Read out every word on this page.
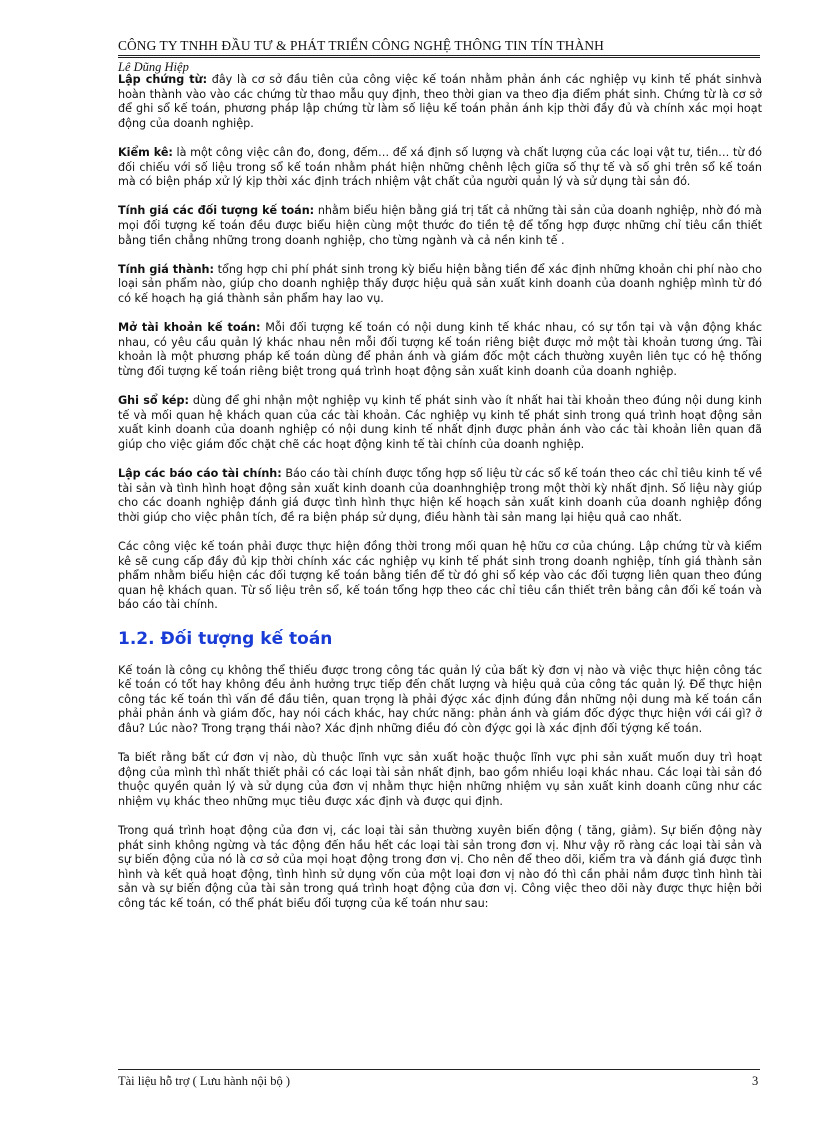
CÔNG TY TNHH ĐẦU TƯ & PHÁT TRIỂN CÔNG NGHỆ THÔNG TIN TÍN THÀNH
Lê Dũng Hiệp

Lập chứng từ: đây là cơ sở đầu tiên của công việc kế toán nhằm phản ánh các nghiệp vụ kinh tế phát sinhvà hoàn thành vào vào các chứng từ thao mẫu quy định, theo thời gian va theo địa điểm phát sinh. Chứng từ là cơ sở để ghi sổ kế toán, phương pháp lập chứng từ làm số liệu kế toán phản ánh kịp thời đầy đủ và chính xác mọi hoạt động của doanh nghiệp.

Kiểm kê: là một công việc cân đo, đong, đếm… để xá định số lượng và chất lượng của các loại vật tư, tiền… từ đó đối chiếu với số liệu trong sổ kế toán nhằm phát hiện những chênh lệch giữa số thự tế và số ghi trên sổ kế toán mà có biện pháp xử lý kịp thời xác định trách nhiệm vật chất của người quản lý và sử dụng tài sản đó.

Tính giá các đối tượng kế toán: nhằm biểu hiện bằng giá trị tất cả những tài sản của doanh nghiệp, nhờ đó mà mọi đối tượng kế toán đều được biểu hiện cùng một thước đo tiền tệ để tổng hợp được những chỉ tiêu cần thiết bằng tiền chẳng những trong doanh nghiệp, cho từng ngành và cả nền kinh tế .

Tính giá thành: tổng hợp chi phí phát sinh trong kỳ biểu hiện bằng tiền để xác định những khoản chi phí nào cho loại sản phẩm nào, giúp cho doanh nghiệp thấy được hiệu quả sản xuất kinh doanh của doanh nghiệp mình từ đó có kế hoạch hạ giá thành sản phẩm hay lao vụ.

Mở tài khoản kế toán: Mỗi đối tượng kế toán có nội dung kinh tế khác nhau, có sự tồn tại và vận động khác nhau, có yêu cầu quản lý khác nhau nên mỗi đối tượng kế toán riêng biệt được mở một tài khoản tương ứng. Tài khoản là một phương pháp kế toán dùng để phản ánh và giám đốc một cách thường xuyên liên tục có hệ thống từng đối tượng kế toán riêng biệt trong quá trình hoạt động sản xuất kinh doanh của doanh nghiệp.

Ghi sổ kép: dùng để ghi nhận một nghiệp vụ kinh tế phát sinh vào ít nhất hai tài khoản theo đúng nội dung kinh tế và mối quan hệ khách quan của các tài khoản. Các nghiệp vụ kinh tế phát sinh trong quá trình hoạt động sản xuất kinh doanh của doanh nghiệp có nội dung kinh tế nhất định được phản ánh vào các tài khoản liên quan đã giúp cho việc giám đốc chặt chẽ các hoạt động kinh tế tài chính của doanh nghiệp.

Lập các báo cáo tài chính: Báo cáo tài chính được tổng hợp số liệu từ các sổ kế toán theo các chỉ tiêu kinh tế về tài sản và tình hình hoạt động sản xuất kinh doanh của doanhnghiệp trong một thời kỳ nhất định. Số liệu này giúp cho các doanh nghiệp đánh giá được tình hình thực hiện kế hoạch sản xuất kinh doanh của doanh nghiệp đồng thời giúp cho việc phân tích, đề ra biện pháp sử dụng, điều hành tài sản mang lại hiệu quả cao nhất.

Các công việc kế toán phải được thực hiện đồng thời trong mối quan hệ hữu cơ của chúng. Lập chứng từ và kiểm kê sẽ cung cấp đầy đủ kịp thời chính xác các nghiệp vụ kinh tế phát sinh trong doanh nghiệp, tính giá thành sản phẩm nhằm biểu hiện các đối tượng kế toán bằng tiền để từ đó ghi sổ kép vào các đối tượng liên quan theo đúng quan hệ khách quan. Từ số liệu trên sổ, kế toán tổng hợp theo các chỉ tiêu cần thiết trên bảng cân đối kế toán và báo cáo tài chính.

1.2. Đối tượng kế toán

Kế toán là công cụ không thể thiếu được trong công tác quản lý của bất kỳ đơn vị nào và việc thực hiện công tác kế toán có tốt hay không đều ảnh hưởng trực tiếp đến chất lượng và hiệu quả của công tác quản lý. Để thực hiện công tác kế toán thì vấn đề đầu tiên, quan trọng là phải đýợc xác định đúng đắn những nội dung mà kế toán cần phải phản ánh và giám đốc, hay nói cách khác, hay chức năng: phản ánh và giám đốc đýợc thực hiện với cái gì? ở đâu? Lúc nào? Trong trạng thái nào? Xác định những điều đó còn đýợc gọi là xác định đối týợng kế toán.

Ta biết rằng bất cứ đơn vị nào, dù thuộc lĩnh vực sản xuất hoặc thuộc lĩnh vực phi sản xuất muốn duy trì hoạt động của mình thì nhất thiết phải có các loại tài sản nhất định, bao gồm nhiều loại khác nhau. Các loại tài sản đó thuộc quyền quản lý và sử dụng của đơn vị nhằm thực hiện những nhiệm vụ sản xuất kinh doanh cũng như các nhiệm vụ khác theo những mục tiêu được xác định và được qui định.

Trong quá trình hoạt động của đơn vị, các loại tài sản thường xuyên biến động ( tăng, giảm). Sự biến động này phát sinh không ngừng và tác động đến hầu hết các loại tài sản trong đơn vị. Như vậy rõ ràng các loại tài sản và sự biến động của nó là cơ sở của mọi hoạt động trong đơn vị. Cho nên để theo dõi, kiểm tra và đánh giá được tình hình và kết quả hoạt động, tình hình sử dụng vốn của một loại đơn vị nào đó thì cần phải nắm được tình hình tài sản và sự biến động của tài sản trong quá trình hoạt động của đơn vị. Công việc theo dõi này được thực hiện bởi công tác kế toán, có thể phát biểu đối tượng của kế toán như sau:

Tài liệu hỗ trợ ( Lưu hành nội bộ )	3
